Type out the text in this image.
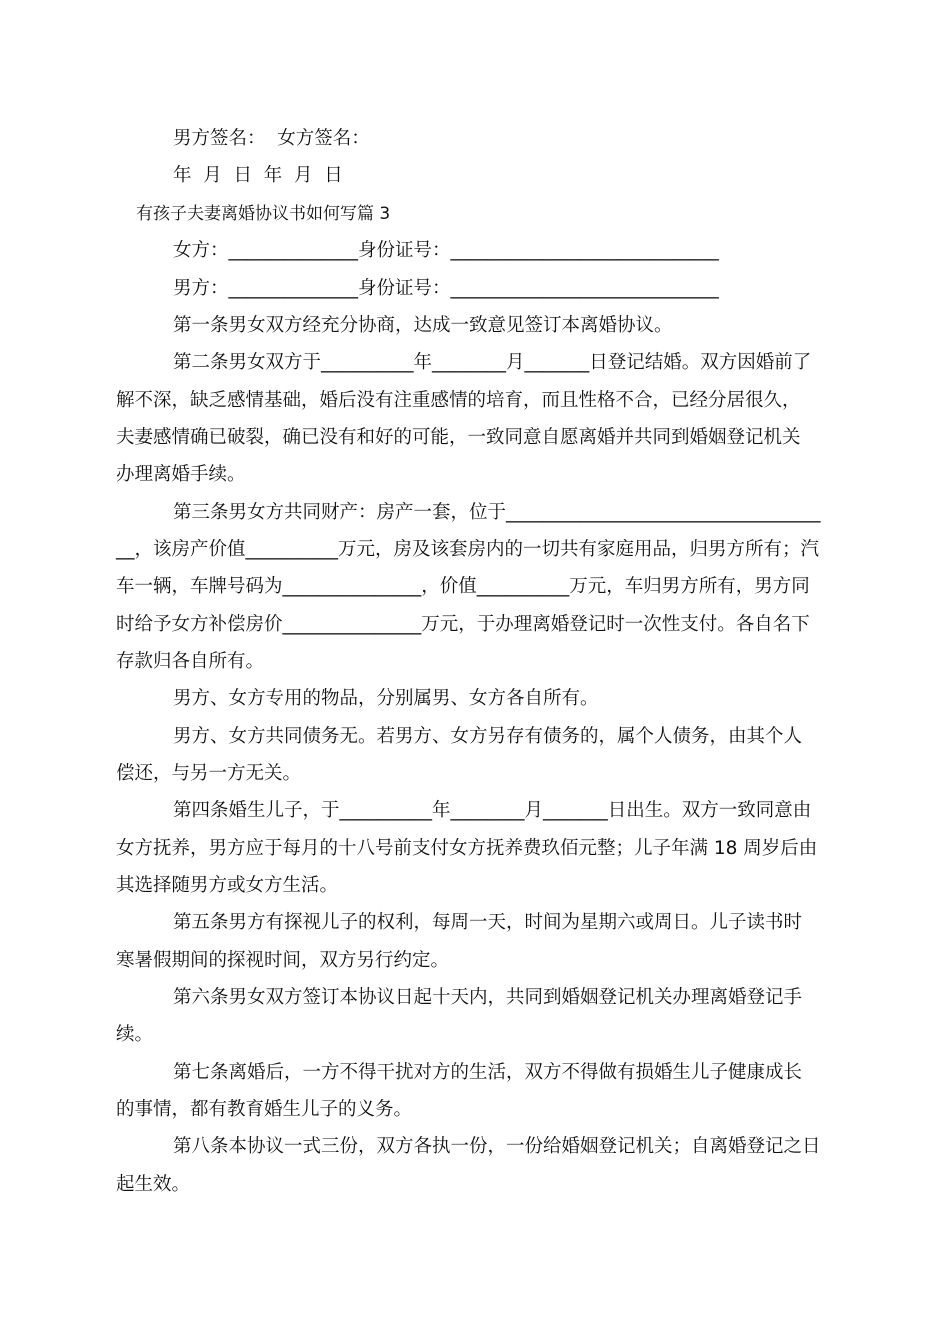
男方签名：  女方签名：

年  月  日  年  月  日

有孩子夫妻离婚协议书如何写篇 3

女方：______________身份证号：_____________________________

男方：______________身份证号：_____________________________

第一条男女双方经充分协商，达成一致意见签订本离婚协议。

第二条男女双方于__________年________月_______日登记结婚。双方因婚前了

解不深，缺乏感情基础，婚后没有注重感情的培育，而且性格不合，已经分居很久，

夫妻感情确已破裂，确已没有和好的可能，一致同意自愿离婚并共同到婚姻登记机关

办理离婚手续。

第三条男女方共同财产：房产一套，位于__________________________________

__，该房产价值__________万元，房及该套房内的一切共有家庭用品，归男方所有；汽

车一辆，车牌号码为_______________，价值__________万元，车归男方所有，男方同

时给予女方补偿房价_______________万元，于办理离婚登记时一次性支付。各自名下

存款归各自所有。

男方、女方专用的物品，分别属男、女方各自所有。

男方、女方共同债务无。若男方、女方另存有债务的，属个人债务，由其个人

偿还，与另一方无关。

第四条婚生儿子，于__________年________月_______日出生。双方一致同意由

女方抚养，男方应于每月的十八号前支付女方抚养费玖佰元整；儿子年满 18 周岁后由

其选择随男方或女方生活。

第五条男方有探视儿子的权利，每周一天，时间为星期六或周日。儿子读书时

寒暑假期间的探视时间，双方另行约定。

第六条男女双方签订本协议日起十天内，共同到婚姻登记机关办理离婚登记手

续。

第七条离婚后，一方不得干扰对方的生活，双方不得做有损婚生儿子健康成长

的事情，都有教育婚生儿子的义务。

第八条本协议一式三份，双方各执一份，一份给婚姻登记机关；自离婚登记之日

起生效。
